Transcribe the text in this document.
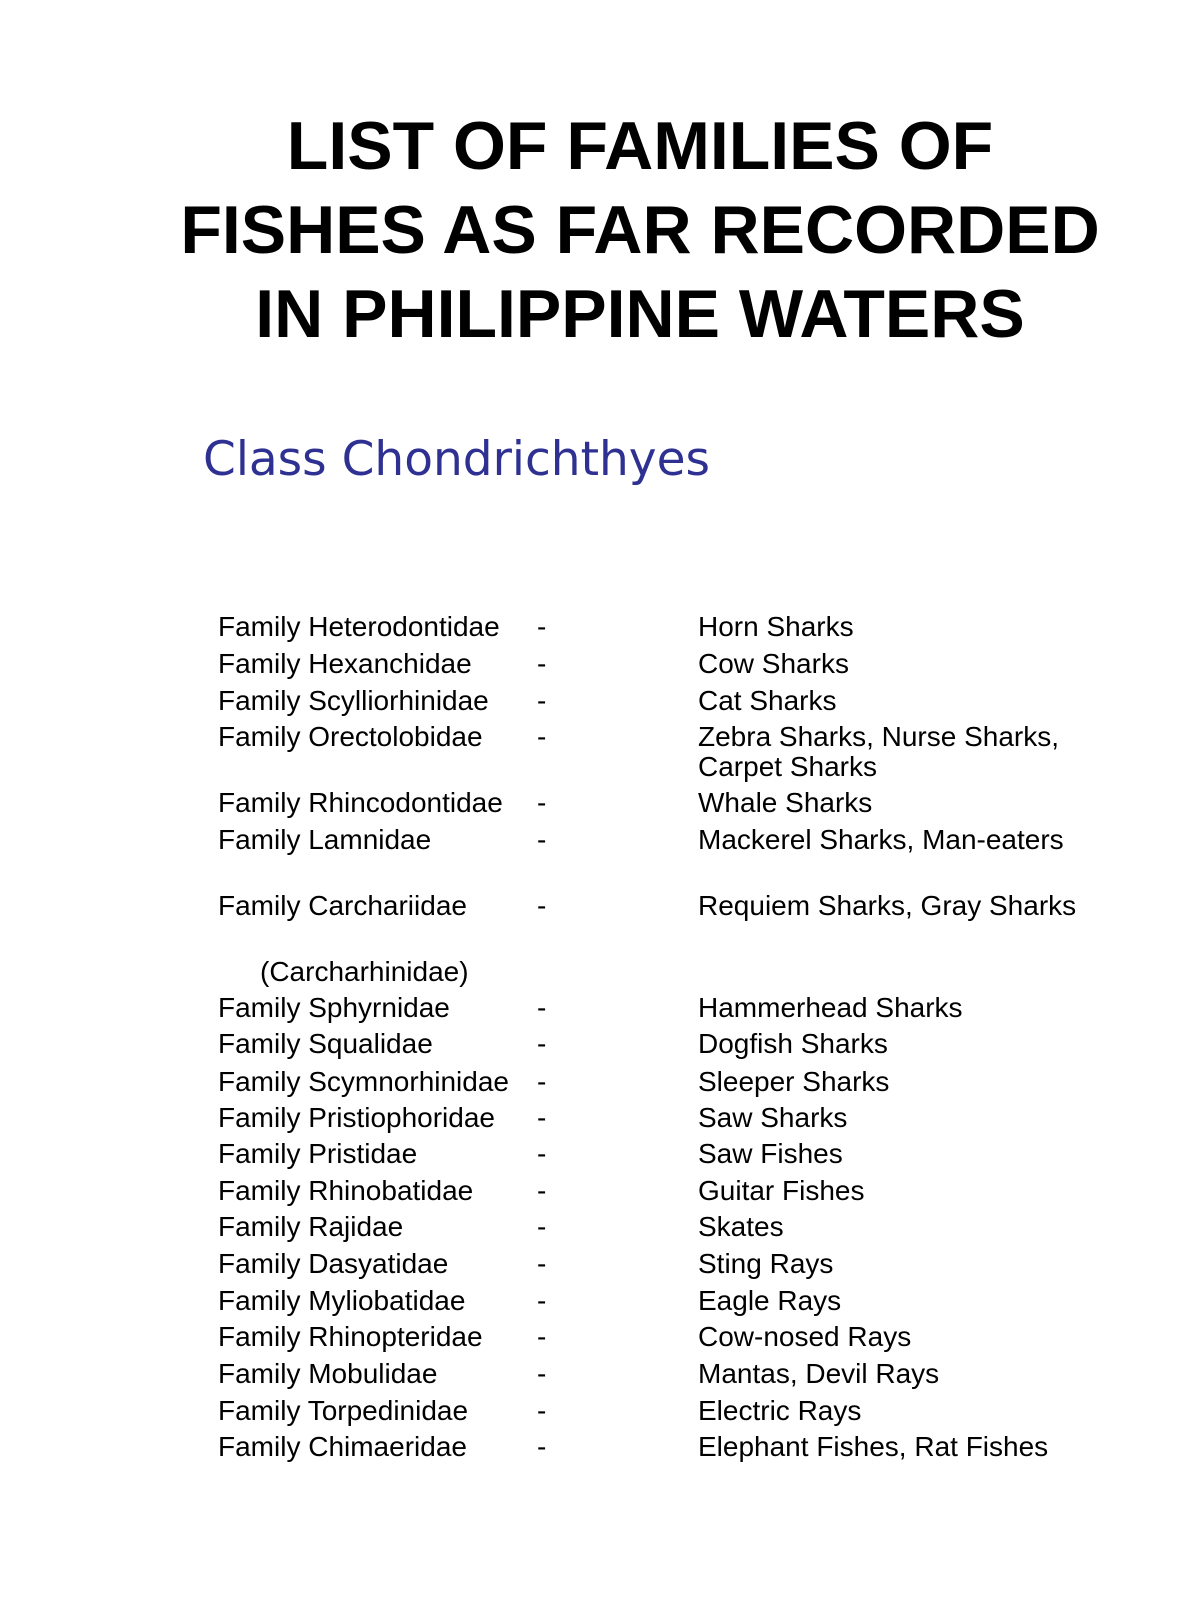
LIST OF FAMILIES OF
FISHES AS FAR RECORDED
IN PHILIPPINE WATERS
Class Chondrichthyes
Family Heterodontidae -	Horn Sharks
Family Hexanchidae -	Cow Sharks
Family Scylliorhinidae -	Cat Sharks
Family Orectolobidae -	Zebra Sharks, Nurse Sharks, Carpet Sharks
Family Rhincodontidae -	Whale Sharks
Family Lamnidae	-	Mackerel Sharks, Man-eaters
Family Carchariidae	-	Requiem Sharks, Gray Sharks
(Carcharhinidae)
Family Sphyrnidae	-	Hammerhead Sharks
Family Squalidae	-	Dogfish Sharks
Family Scymnorhinidae -	Sleeper Sharks
Family Pristiophoridae -	Saw Sharks
Family Pristidae	-	Saw Fishes
Family Rhinobatidae -	Guitar Fishes
Family Rajidae	-	Skates
Family Dasyatidae	-	Sting Rays
Family Myliobatidae	-	Eagle Rays
Family Rhinopteridae -	Cow-nosed Rays
Family Mobulidae	-	Mantas, Devil Rays
Family Torpedinidae -	Electric Rays
Family Chimaeridae	-	Elephant Fishes, Rat Fishes
